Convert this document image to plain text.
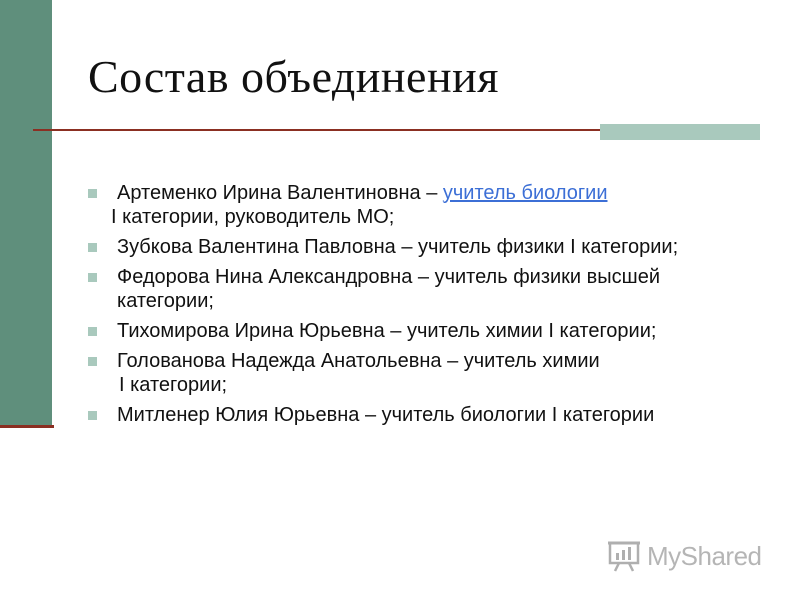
Состав объединения
Артеменко Ирина Валентиновна – учитель биологии
I категории, руководитель МО;
Зубкова Валентина Павловна – учитель физики I категории;
Федорова Нина Александровна – учитель физики высшей
категории;
Тихомирова Ирина Юрьевна – учитель химии I категории;
Голованова Надежда Анатольевна – учитель химии
I категории;
Митленер Юлия Юрьевна – учитель биологии I категории
MyShared
